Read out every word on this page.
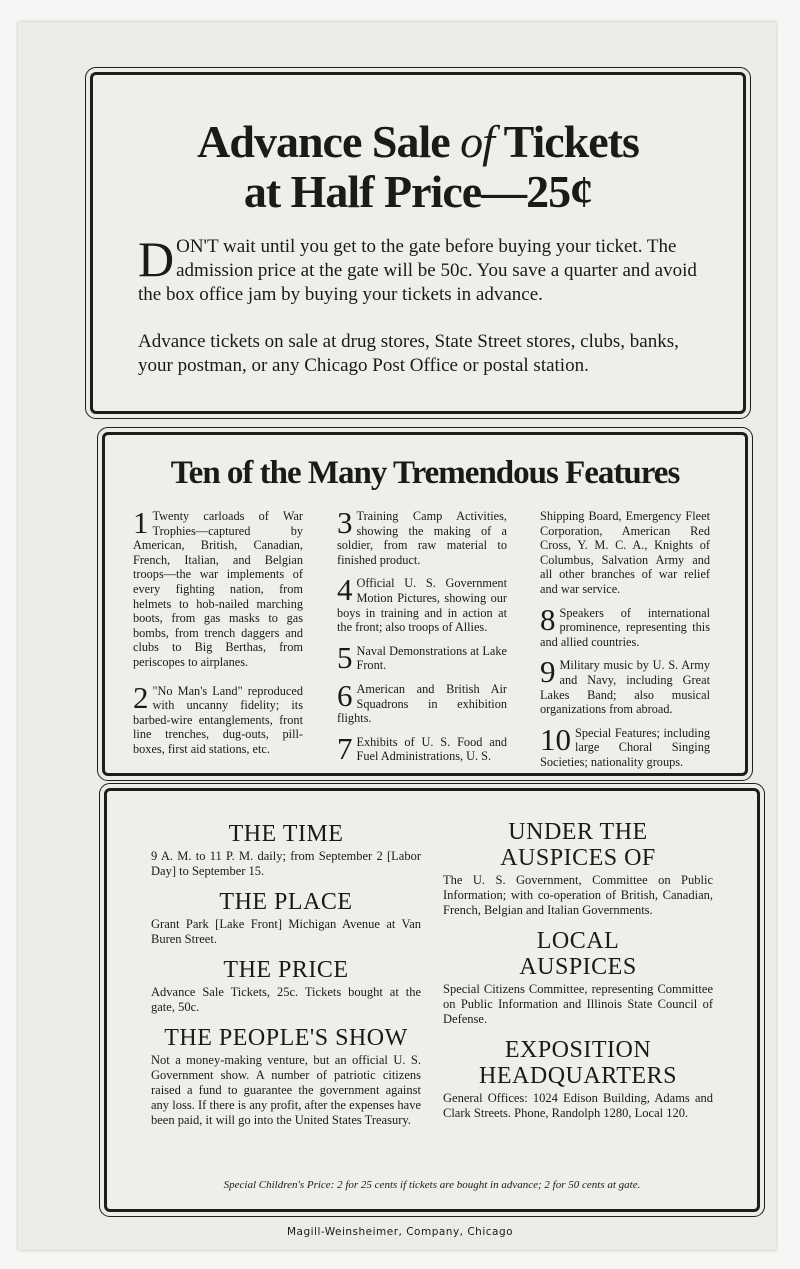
Advance Sale of Tickets
at Half Price—25¢
DON'T wait until you get to the gate before buying your ticket. The admission price at the gate will be 50c. You save a quarter and avoid the box office jam by buying your tickets in advance.
Advance tickets on sale at drug stores, State Street stores, clubs, banks, your postman, or any Chicago Post Office or postal station.
Ten of the Many Tremendous Features
1 Twenty carloads of War Trophies—captured by American, British, Canadian, French, Italian, and Belgian troops—the war implements of every fighting nation, from helmets to hob-nailed marching boots, from gas masks to gas bombs, from trench daggers and clubs to Big Berthas, from periscopes to airplanes.
2 "No Man's Land" reproduced with uncanny fidelity; its barbed-wire entanglements, front line trenches, dug-outs, pill-boxes, first aid stations, etc.
3 Training Camp Activities, showing the making of a soldier, from raw material to finished product.
4 Official U. S. Government Motion Pictures, showing our boys in training and in action at the front; also troops of Allies.
5 Naval Demonstrations at Lake Front.
6 American and British Air Squadrons in exhibition flights.
7 Exhibits of U. S. Food and Fuel Administrations, U. S.
Shipping Board, Emergency Fleet Corporation, American Red Cross, Y. M. C. A., Knights of Columbus, Salvation Army and all other branches of war relief and war service.
8 Speakers of international prominence, representing this and allied countries.
9 Military music by U. S. Army and Navy, including Great Lakes Band; also musical organizations from abroad.
10 Special Features; including large Choral Singing Societies; nationality groups.

THE TIME

9 A. M. to 11 P. M. daily; from September 2 [Labor Day] to September 15.

THE PLACE

Grant Park [Lake Front] Michigan Avenue at Van Buren Street.

THE PRICE

Advance Sale Tickets, 25c. Tickets bought at the gate, 50c.

THE PEOPLE'S SHOW

Not a money-making venture, but an official U. S. Government show. A number of patriotic citizens raised a fund to guarantee the government against any loss. If there is any profit, after the expenses have been paid, it will go into the United States Treasury.

UNDER THE

AUSPICES OF

The U. S. Government, Committee on Public Information; with co-operation of British, Canadian, French, Belgian and Italian Governments.

LOCAL

AUSPICES

Special Citizens Committee, representing Committee on Public Information and Illinois State Council of Defense.

EXPOSITION

HEADQUARTERS

General Offices: 1024 Edison Building, Adams and Clark Streets. Phone, Randolph 1280, Local 120.

Special Children's Price: 2 for 25 cents if tickets are bought in advance; 2 for 50 cents at gate.
Magill-Weinsheimer, Company, Chicago
